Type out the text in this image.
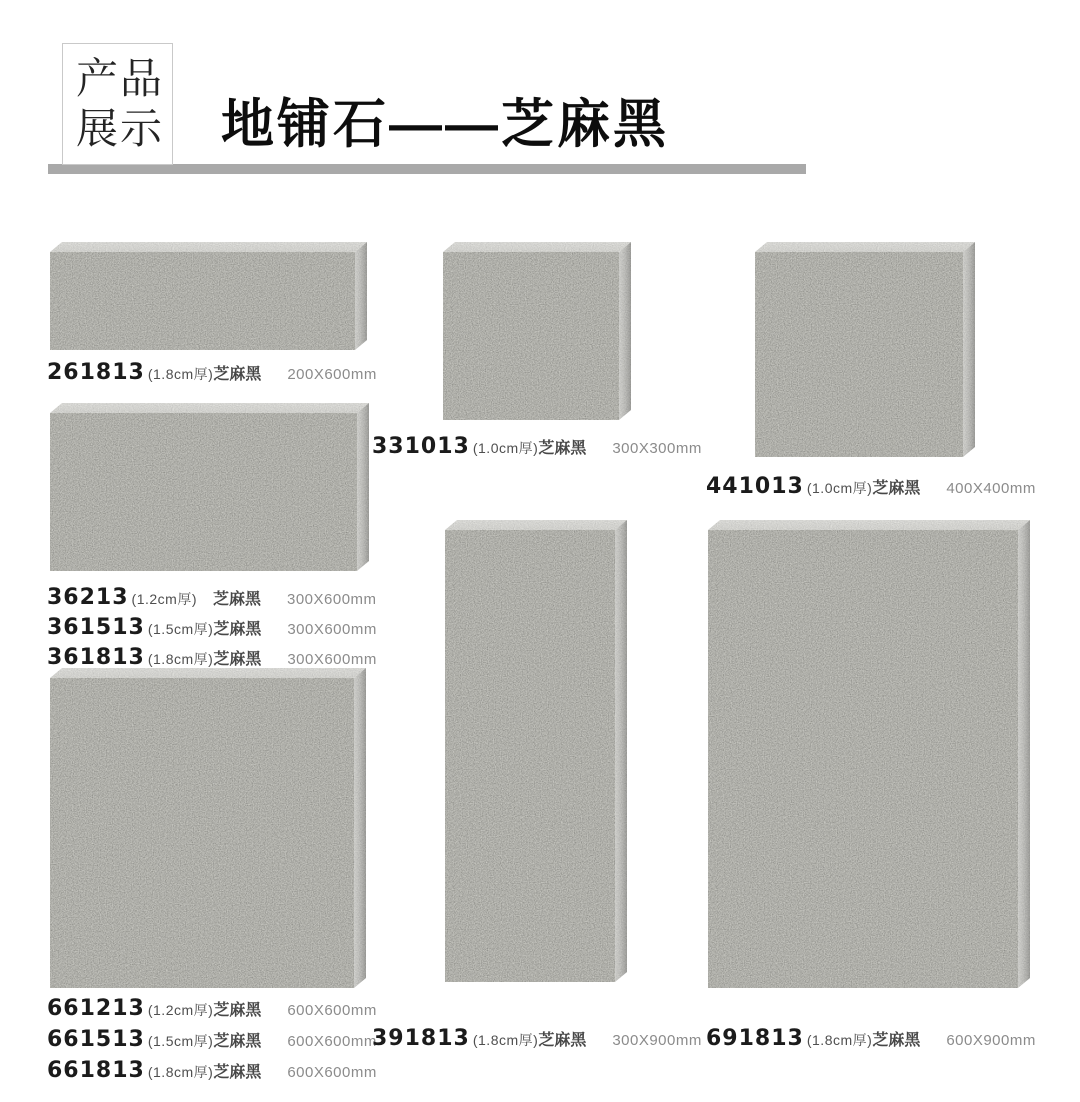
产品
展示 地铺石——芝麻黑
261813 (1.8cm厚) 芝麻黑	200X600mm
331013 (1.0cm厚) 芝麻黑	300X300mm
441013 (1.0cm厚) 芝麻黑	400X400mm
36213 (1.2cm厚)	芝麻黑	300X600mm
361513 (1.5cm厚) 芝麻黑	300X600mm
361813 (1.8cm厚) 芝麻黑	300X600mm
661213 (1.2cm厚) 芝麻黑	600X600mm
661513 (1.5cm厚) 芝麻黑	600X600mm
661813 (1.8cm厚) 芝麻黑	600X600mm
391813 (1.8cm厚) 芝麻黑	300X900mm 691813 (1.8cm厚) 芝麻黑	600X900mm
